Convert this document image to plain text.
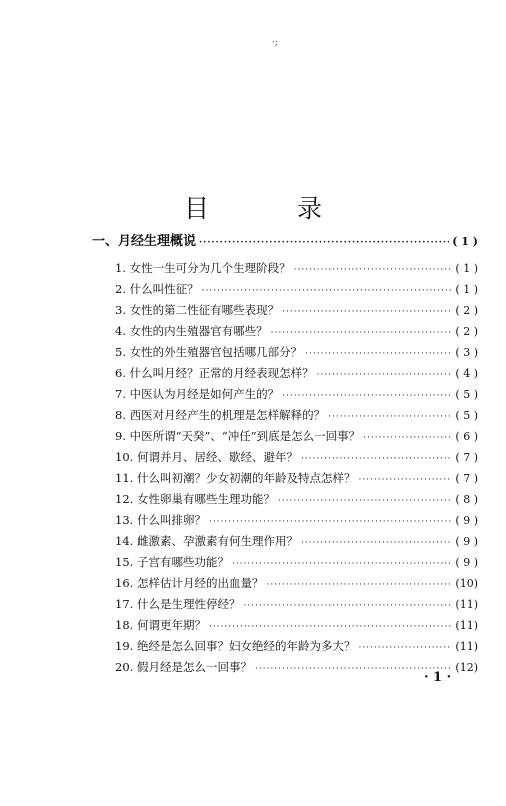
·;
目 录
一、月经生理概说 ·····	( 1 )
1. 女性一生可分为几个生理阶段？ ·····	( 1 )
2. 什么叫性征？ ·····	( 1 )
3. 女性的第二性征有哪些表现？ ·····	( 2 )
4. 女性的内生殖器官有哪些？ ·····	( 2 )
5. 女性的外生殖器官包括哪几部分？ ·····	( 3 )
6. 什么叫月经？正常的月经表现怎样？ ·····	( 4 )
7. 中医认为月经是如何产生的？ ·····	( 5 )
8. 西医对月经产生的机理是怎样解释的？ ·····	( 5 )
9. 中医所谓“天癸”、“冲任”到底是怎么一回事？ ·····	( 6 )
10. 何谓并月、居经、歇经、避年？ ·····	( 7 )
11. 什么叫初潮？少女初潮的年龄及特点怎样？ ·····	( 7 )
12. 女性卵巢有哪些生理功能？ ·····	( 8 )
13. 什么叫排卵？ ·····	( 9 )
14. 雌激素、孕激素有何生理作用？ ·····	( 9 )
15. 子宫有哪些功能？ ·····	( 9 )
16. 怎样估计月经的出血量？ ·····	(10)
17. 什么是生理性停经？ ·····	(11)
18. 何谓更年期？ ·····	(11)
19. 绝经是怎么回事？妇女绝经的年龄为多大？ ·····	(11)
20. 假月经是怎么一回事？ ·····	(12)
· 1 ·
